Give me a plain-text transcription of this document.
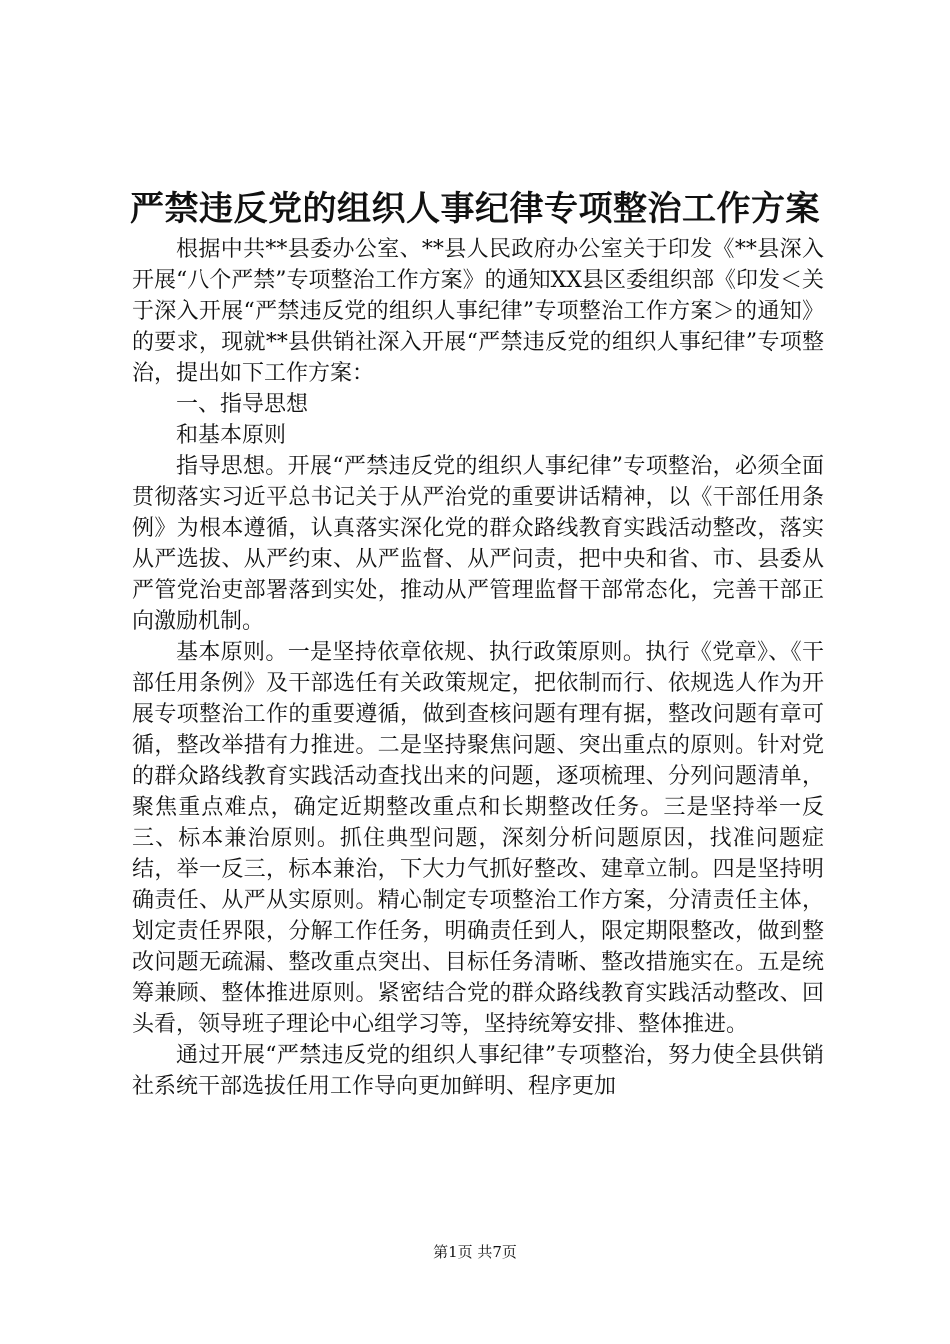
严禁违反党的组织人事纪律专项整治工作方案

根据中共**县委办公室、**县人民政府办公室关于印发《**县深入开展“八个严禁”专项整治工作方案》的通知XX县区委组织部《印发＜关于深入开展“严禁违反党的组织人事纪律”专项整治工作方案＞的通知》的要求，现就**县供销社深入开展“严禁违反党的组织人事纪律”专项整治，提出如下工作方案：

一、指导思想

和基本原则

指导思想。开展“严禁违反党的组织人事纪律”专项整治，必须全面贯彻落实习近平总书记关于从严治党的重要讲话精神，以《干部任用条例》为根本遵循，认真落实深化党的群众路线教育实践活动整改，落实从严选拔、从严约束、从严监督、从严问责，把中央和省、市、县委从严管党治吏部署落到实处，推动从严管理监督干部常态化，完善干部正向激励机制。

基本原则。一是坚持依章依规、执行政策原则。执行《党章》、《干部任用条例》及干部选任有关政策规定，把依制而行、依规选人作为开展专项整治工作的重要遵循，做到查核问题有理有据，整改问题有章可循，整改举措有力推进。二是坚持聚焦问题、突出重点的原则。针对党的群众路线教育实践活动查找出来的问题，逐项梳理、分列问题清单，聚焦重点难点，确定近期整改重点和长期整改任务。三是坚持举一反三、标本兼治原则。抓住典型问题，深刻分析问题原因，找准问题症结，举一反三，标本兼治，下大力气抓好整改、建章立制。四是坚持明确责任、从严从实原则。精心制定专项整治工作方案，分清责任主体，划定责任界限，分解工作任务，明确责任到人，限定期限整改，做到整改问题无疏漏、整改重点突出、目标任务清晰、整改措施实在。五是统筹兼顾、整体推进原则。紧密结合党的群众路线教育实践活动整改、回头看，领导班子理论中心组学习等，坚持统筹安排、整体推进。

通过开展“严禁违反党的组织人事纪律”专项整治，努力使全县供销社系统干部选拔任用工作导向更加鲜明、程序更加

第1页 共7页
